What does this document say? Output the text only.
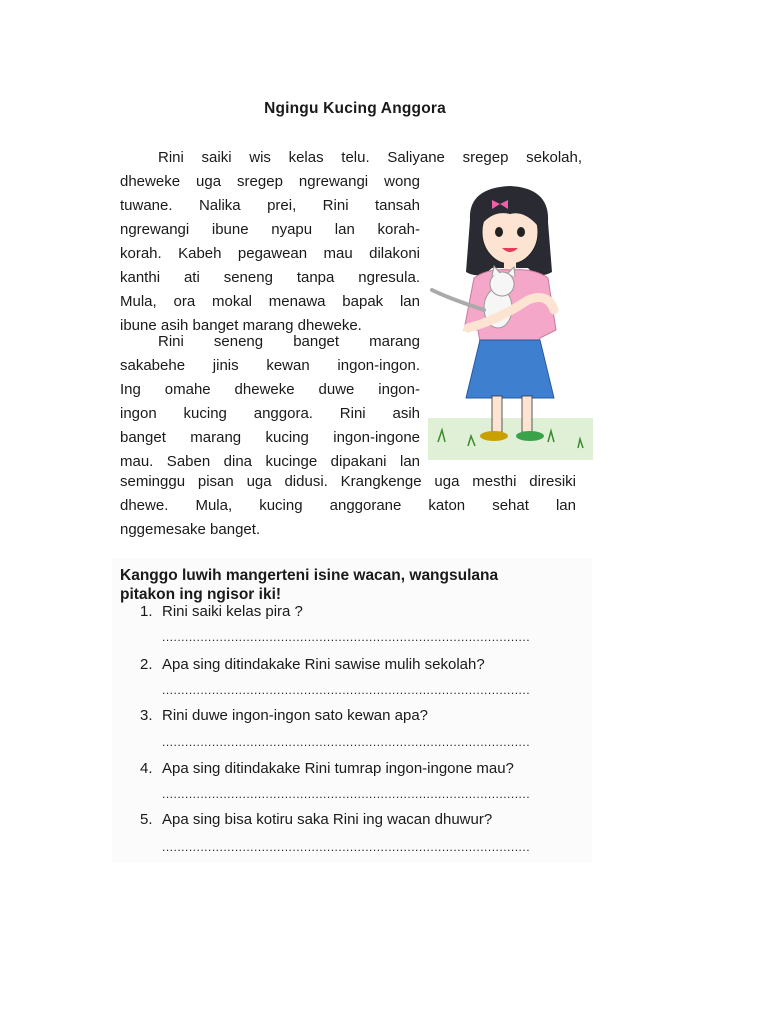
Ngingu Kucing Anggora
Rini saiki wis kelas telu. Saliyane sregep sekolah,
dheweke uga sregep ngrewangi wong
tuwane. Nalika prei, Rini tansah
ngrewangi ibune nyapu lan korah-
korah. Kabeh pegawean mau dilakoni
kanthi ati seneng tanpa ngresula.
Mula, ora mokal menawa bapak lan
ibune asih banget marang dheweke.
Rini seneng banget marang
sakabehe jinis kewan ingon-ingon.
Ing omahe dheweke duwe ingon-
ingon kucing anggora. Rini asih
banget marang kucing ingon-ingone
mau. Saben dina kucinge dipakani lan
seminggu pisan uga didusi. Krangkenge uga mesthi diresiki
dhewe. Mula, kucing anggorane katon sehat lan
nggemesake banget.
Kanggo luwih mangerteni isine wacan, wangsulana
pitakon ing ngisor iki!
1. Rini saiki kelas pira ?
................................................................................................
2. Apa sing ditindakake Rini sawise mulih sekolah?
................................................................................................
3. Rini duwe ingon-ingon sato kewan apa?
................................................................................................
4. Apa sing ditindakake Rini tumrap ingon-ingone mau?
................................................................................................
5. Apa sing bisa kotiru saka Rini ing wacan dhuwur?
................................................................................................
